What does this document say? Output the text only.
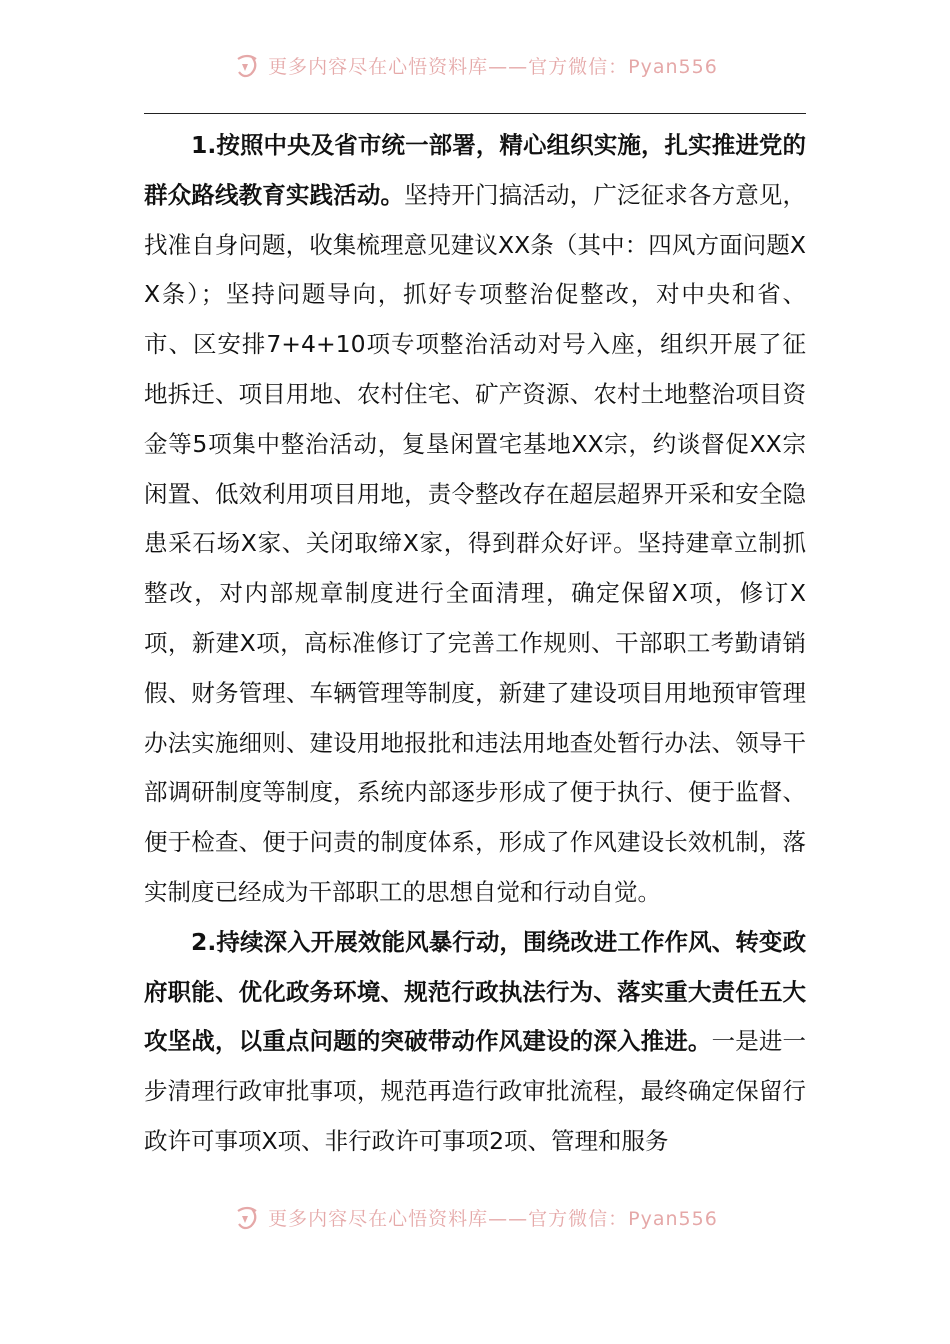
更多内容尽在心悟资料库——官方微信：Pyan556

1.按照中央及省市统一部署，精心组织实施，扎实推进党的群众路线教育实践活动。坚持开门搞活动，广泛征求各方意见，找准自身问题，收集梳理意见建议XX条（其中：四风方面问题XX条）；坚持问题导向，抓好专项整治促整改，对中央和省、市、区安排7+4+10项专项整治活动对号入座，组织开展了征地拆迁、项目用地、农村住宅、矿产资源、农村土地整治项目资金等5项集中整治活动，复垦闲置宅基地XX宗，约谈督促XX宗闲置、低效利用项目用地，责令整改存在超层超界开采和安全隐患采石场X家、关闭取缔X家，得到群众好评。坚持建章立制抓整改，对内部规章制度进行全面清理，确定保留X项，修订X项，新建X项，高标准修订了完善工作规则、干部职工考勤请销假、财务管理、车辆管理等制度，新建了建设项目用地预审管理办法实施细则、建设用地报批和违法用地查处暂行办法、领导干部调研制度等制度，系统内部逐步形成了便于执行、便于监督、便于检查、便于问责的制度体系，形成了作风建设长效机制，落实制度已经成为干部职工的思想自觉和行动自觉。

2.持续深入开展效能风暴行动，围绕改进工作作风、转变政府职能、优化政务环境、规范行政执法行为、落实重大责任五大攻坚战，以重点问题的突破带动作风建设的深入推进。一是进一步清理行政审批事项，规范再造行政审批流程，最终确定保留行政许可事项X项、非行政许可事项2项、管理和服务

更多内容尽在心悟资料库——官方微信：Pyan556
